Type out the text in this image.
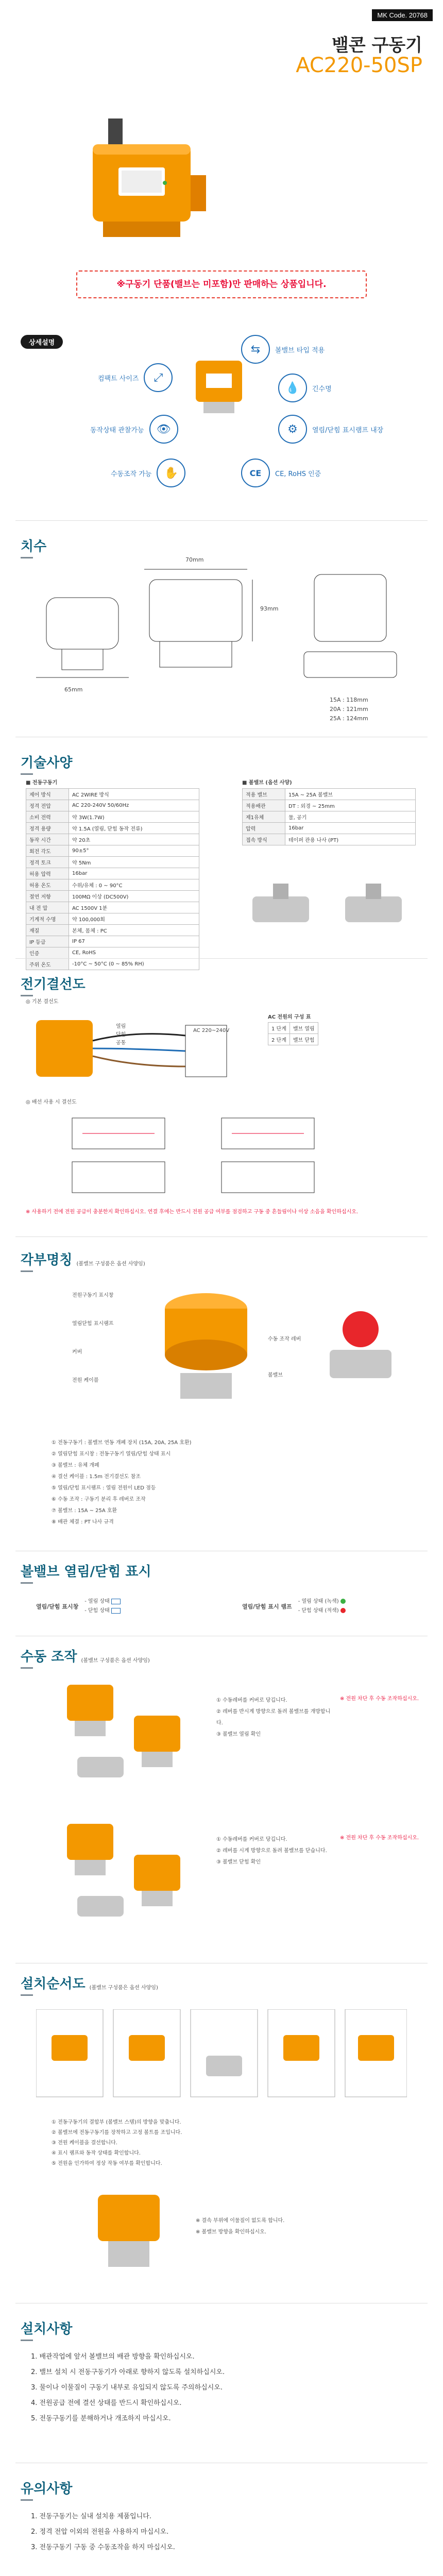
MK Code. 20768
밸콘 구동기
AC220-50SP
※구동기 단품(밸브는 미포함)만 판매하는 상품입니다.
상세설명	⇆	볼밸브 타입 적용
⤢
컴팩트 사이즈
💧	긴수명
👁
동작상태 관찰가능	⚙	열림/닫힘 표시램프 내장
✋
수동조작 가능	CE	CE, RoHS 인증
치수
65mm
70mm
93mm
15A : 118mm
20A : 121mm
25A : 124mm
기술사양
■ 전동구동기
제어 방식	AC 2WIRE 방식
정격 전압	AC 220-240V 50/60Hz
소비 전력	약 3W(1.7W)
정격 용량	약 1.5A (열림, 닫힘 동작 전류)
동작 시간	약 20초
회전 각도	90±5°
정격 토크	약 5Nm
허용 압력	16bar
허용 온도	수위/유체 : 0 ~ 90°C
절연 저항	100MΩ 이상 (DC500V)
내 전 압	AC 1500V 1분
기계적 수명	약 100,000회
재질	본체, 몸체 : PC
IP 등급	IP 67
인증	CE, RoHS
주위 온도	-10°C ~ 50°C (0 ~ 85% RH)
■ 볼밸브 (옵션 사양)
적용 밸브	15A ~ 25A 볼밸브
적용배관	DT : 외경 ~ 25mm
제1유체	물, 공기
압력	16bar
접속 방식	테이퍼 관용 나사 (PT)
전기결선도
◎ 기본 결선도
AC 220~240V
열림
닫힘
공통
AC 전원의 구성 표
1 단계	밸브 열림
2 단계	밸브 닫힘
◎ 배선 사용 시 결선도
※ 사용하기 전에 전원 공급이 충분한지 확인하십시오. 연결 후에는 반드시 전원 공급 여부를 점검하고 구동 중 흔들림이나 이상 소음을 확인하십시오.
각부명칭 (볼밸브 구성품은 옵션 사양임)
전원구동기 표시창
열림닫힘 표시램프
커버
전원 케이블
수동 조작 레버
볼밸브
① 전동구동기 : 볼밸브 연동 개폐 장치 (15A, 20A, 25A 호환)
② 열림닫힘 표시창 : 전동구동기 열림/닫힘 상태 표시
③ 볼밸브 : 유체 개폐
④ 결선 케이블 : 1.5m 전기결선도 참조
⑤ 열림/닫힘 표시램프 : 열림 전원이 LED 점등
⑥ 수동 조작 : 구동기 분리 후 레버로 조작
⑦ 볼밸브 : 15A ~ 25A 호환
⑧ 배관 체결 : PT 나사 규격
볼밸브 열림/닫힘 표시
열림/닫힘 표시창
- 열림 상태
- 닫힘 상태
열림/닫힘 표시 램프
- 열림 상태 (녹색)
- 닫힘 상태 (적색)
수동 조작 (볼밸브 구성품은 옵션 사양임)
① 수동레버를 커버로 당깁니다.
② 레버를 반시계 방향으로 돌려 볼밸브를 개방합니다.
③ 볼밸브 열림 확인
※ 전원 차단 후 수동 조작하십시오.
① 수동레버를 커버로 당깁니다.
② 레버를 시계 방향으로 돌려 볼밸브를 닫습니다.
③ 볼밸브 닫힘 확인
※ 전원 차단 후 수동 조작하십시오.
설치순서도 (볼밸브 구성품은 옵션 사양임)
① 전동구동기의 결합부 (볼밸브 스템)의 방향을 맞춥니다.
② 볼밸브에 전동구동기를 장착하고 고정 볼트를 조입니다.
③ 전원 케이블을 결선합니다.
④ 표시 램프와 동작 상태를 확인합니다.
⑤ 전원을 인가하여 정상 작동 여부를 확인합니다.
※ 결속 부위에 이물질이 없도록 합니다.
※ 볼밸브 방향을 확인하십시오.
설치사항
1. 배관작업에 앞서 볼밸브의 배관 방향을 확인하십시오.
2. 밸브 설치 시 전동구동기가 아래로 향하지 않도록 설치하십시오.
3. 물이나 이물질이 구동기 내부로 유입되지 않도록 주의하십시오.
4. 전원공급 전에 결선 상태를 반드시 확인하십시오.
5. 전동구동기를 분해하거나 개조하지 마십시오.
유의사항
1. 전동구동기는 실내 설치용 제품입니다.
2. 정격 전압 이외의 전원을 사용하지 마십시오.
3. 전동구동기 구동 중 수동조작을 하지 마십시오.
